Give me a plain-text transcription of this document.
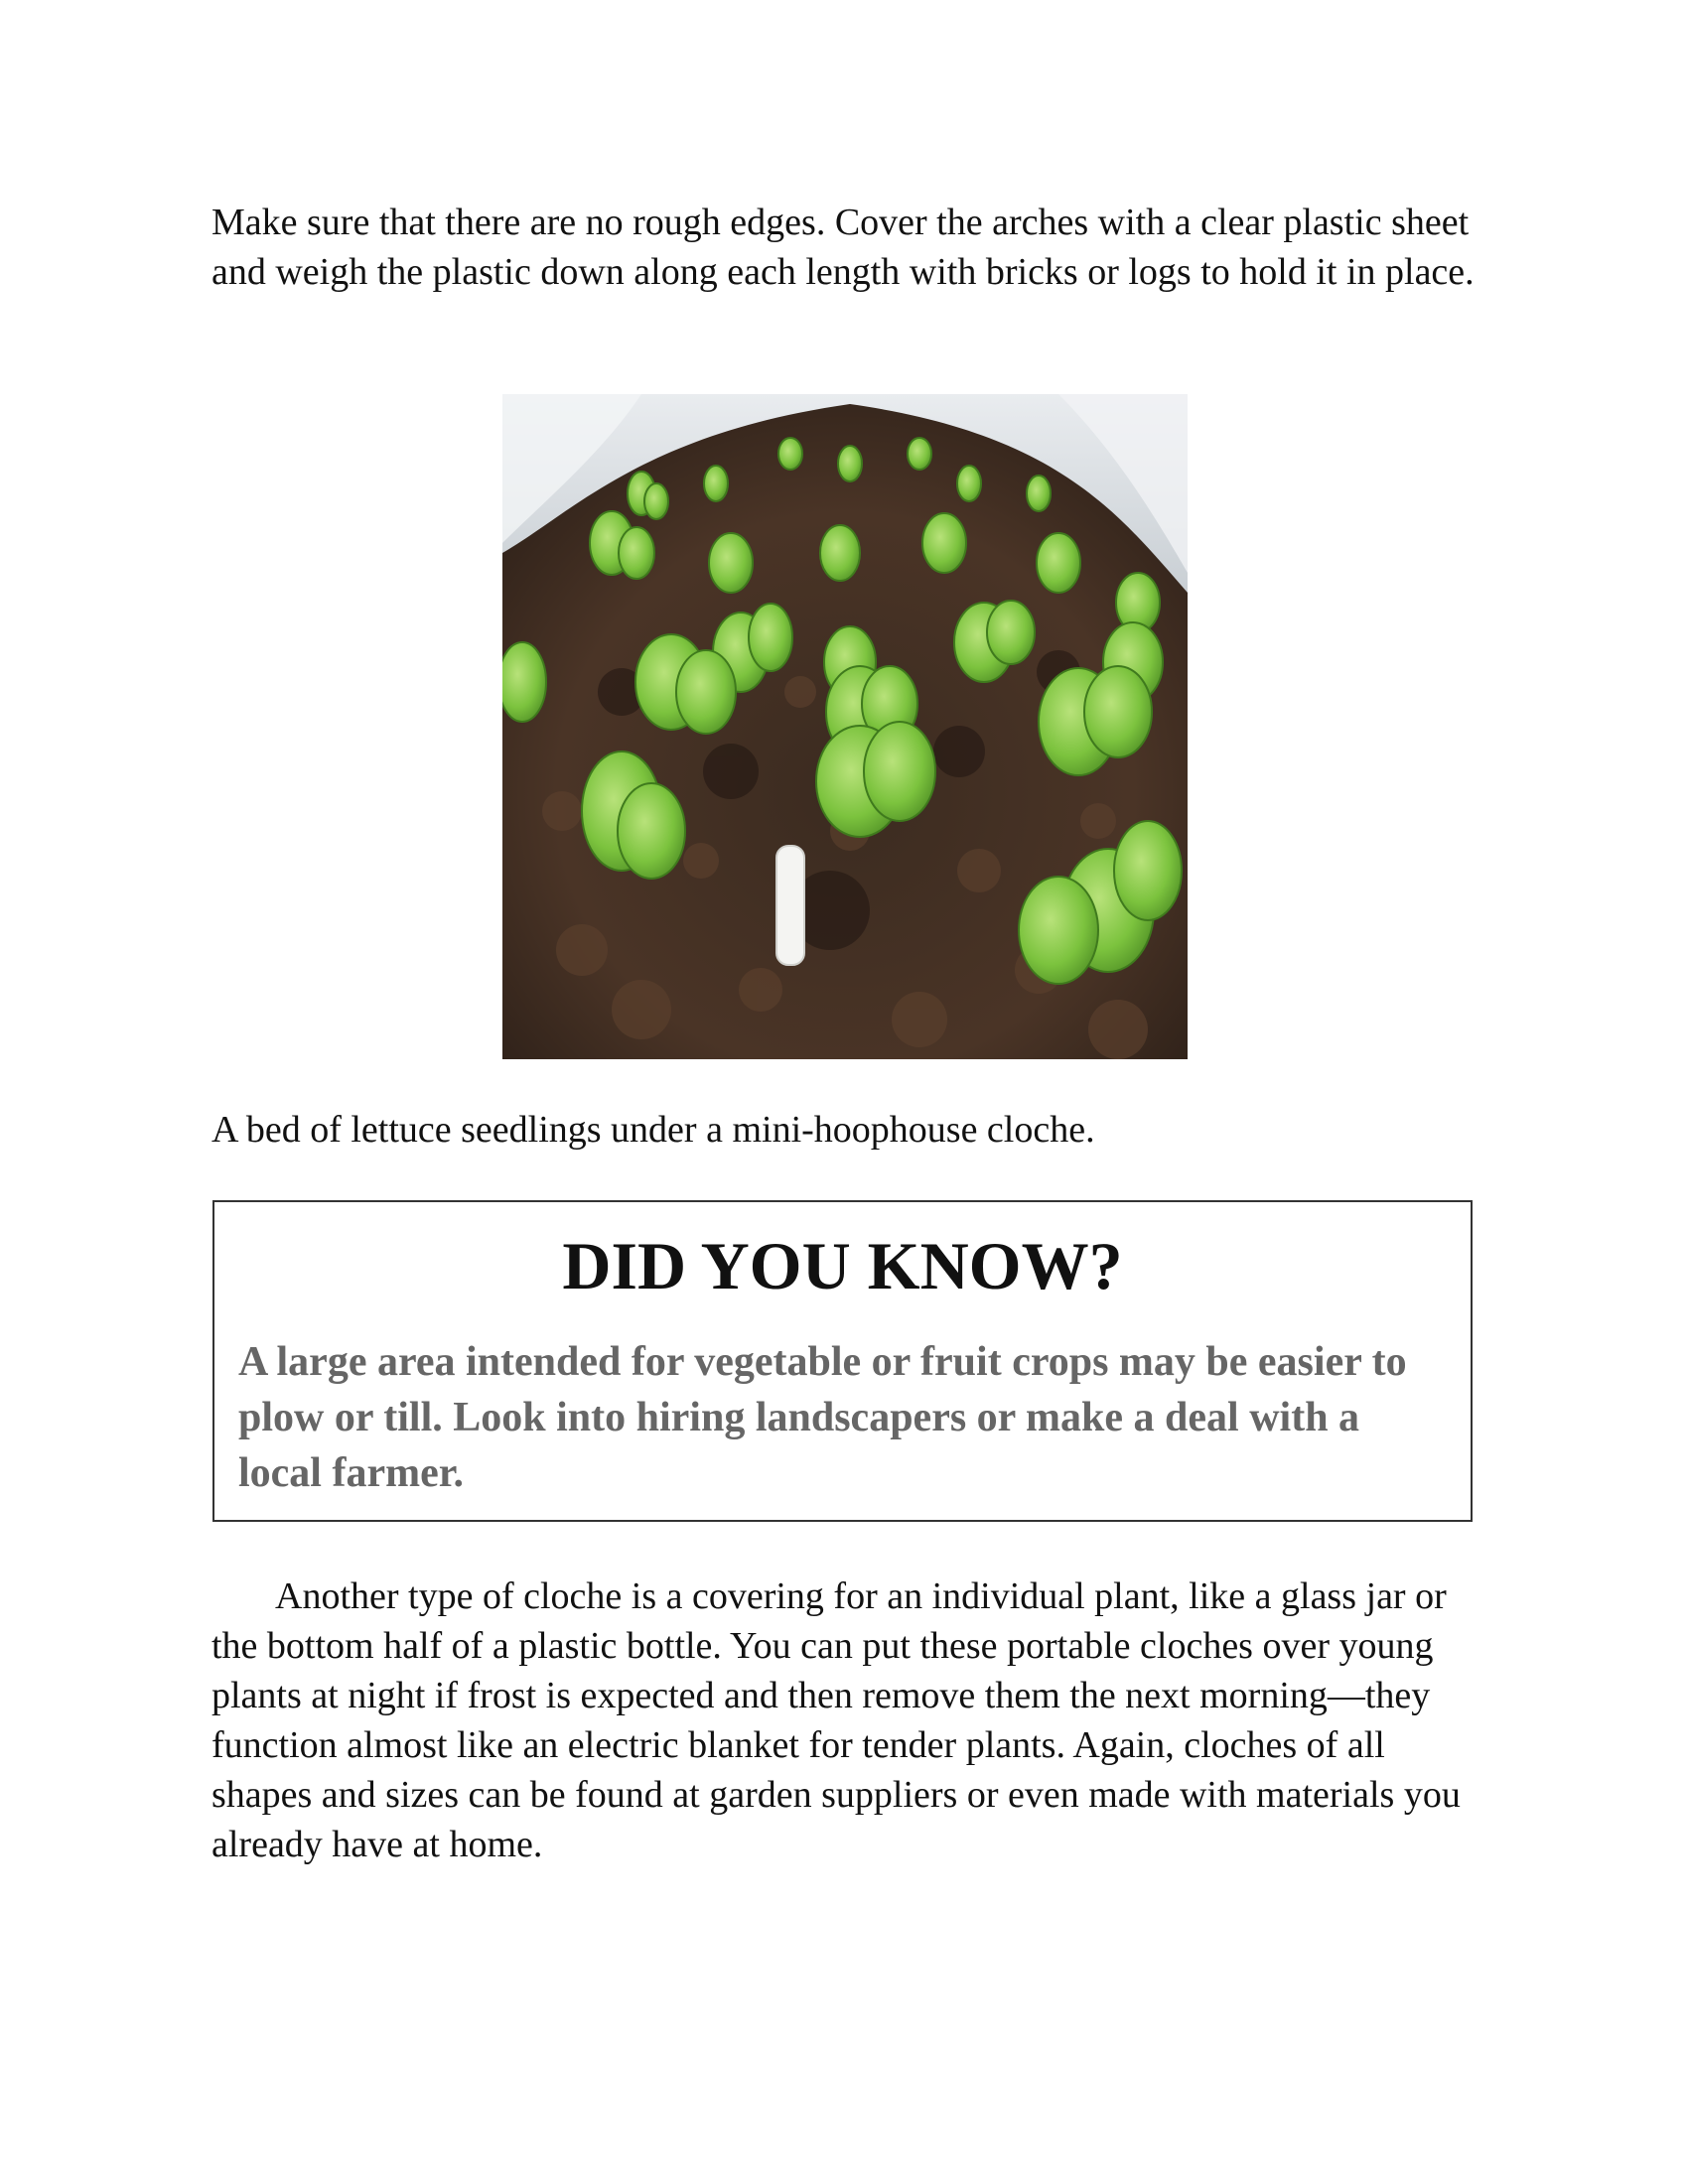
Make sure that there are no rough edges. Cover the arches with a clear plastic sheet and weigh the plastic down along each length with bricks or logs to hold it in place.

A bed of lettuce seedlings under a mini-hoophouse cloche.

DID YOU KNOW?

A large area intended for vegetable or fruit crops may be easier to plow or till. Look into hiring landscapers or make a deal with a local farmer.

Another type of cloche is a covering for an individual plant, like a glass jar or the bottom half of a plastic bottle. You can put these portable cloches over young plants at night if frost is expected and then remove them the next morning—they function almost like an electric blanket for tender plants. Again, cloches of all shapes and sizes can be found at garden suppliers or even made with materials you already have at home.
